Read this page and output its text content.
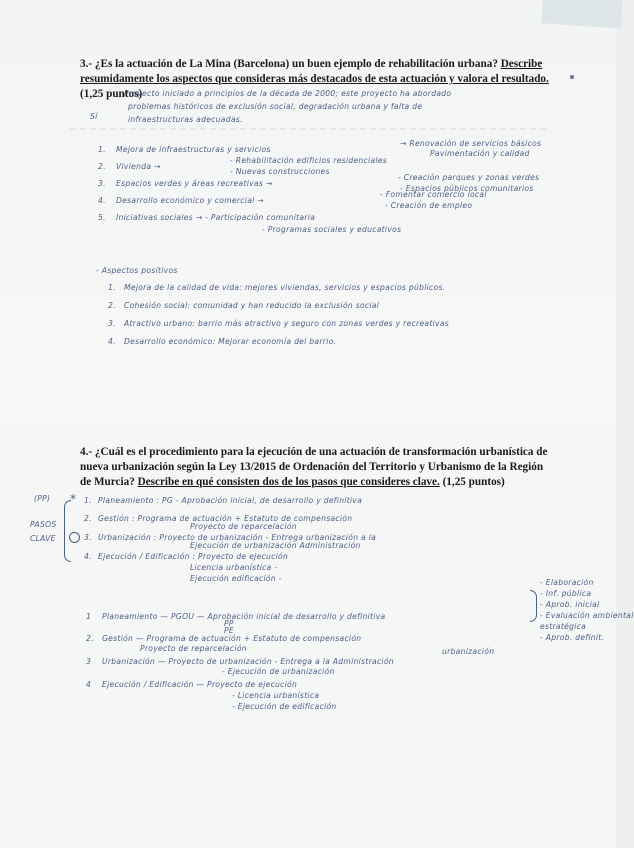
3.- ¿Es la actuación de La Mina (Barcelona) un buen ejemplo de rehabilitación urbana? Describe resumidamente los aspectos que consideras más destacados de esta actuación y valora el resultado. (1,25 puntos)
Sí
Proyecto iniciado a principios de la década de 2000; este proyecto ha abordado
problemas históricos de exclusión social, degradación urbana y falta de
infraestructuras adecuadas.
1. Mejora de infraestructuras y servicios
→ Renovación de servicios básicos
Pavimentación y calidad
2. Vivienda →
- Rehabilitación edificios residenciales
- Nuevas construcciones
3. Espacios verdes y áreas recreativas →
- Creación parques y zonas verdes
- Espacios públicos comunitarios
4. Desarrollo económico y comercial →
- Fomentar comercio local
- Creación de empleo
5. Iniciativas sociales → - Participación comunitaria
- Programas sociales y educativos
- Aspectos positivos
1. Mejora de la calidad de vida: mejores viviendas, servicios y espacios públicos.
2. Cohesión social: comunidad y han reducido la exclusión social
3. Atractivo urbano: barrio más atractivo y seguro con zonas verdes y recreativas
4. Desarrollo económico: Mejorar economía del barrio.
4.- ¿Cuál es el procedimiento para la ejecución de una actuación de transformación urbanística de nueva urbanización según la Ley 13/2015 de Ordenación del Territorio y Urbanismo de la Región de Murcia? Describe en qué consisten dos de los pasos que consideres clave. (1,25 puntos)
(PP)
PASOS
CLAVE
* 1. Planeamiento : PG - Aprobación inicial, de desarrollo y definitiva
2. Gestión : Programa de actuación + Estatuto de compensación
Proyecto de reparcelación
3. Urbanización : Proyecto de urbanización - Entrega urbanización a la
Ejecución de urbanización Administración
4. Ejecución / Edificación : Proyecto de ejecución
Licencia urbanística -
Ejecución edificación -
1 Planeamiento — PGOU — Aprobación inicial de desarrollo y definitiva
PP
PE
2. Gestión — Programa de actuación + Estatuto de compensación
Proyecto de reparcelación
3 Urbanización — Proyecto de urbanización - Entrega a la Administración
- Ejecución de urbanización
4 Ejecución / Edificación — Proyecto de ejecución
- Licencia urbanística
- Ejecución de edificación
urbanización
- Elaboración
- Inf. pública
- Aprob. inicial
- Evaluación ambiental
estratégica
- Aprob. definit.
